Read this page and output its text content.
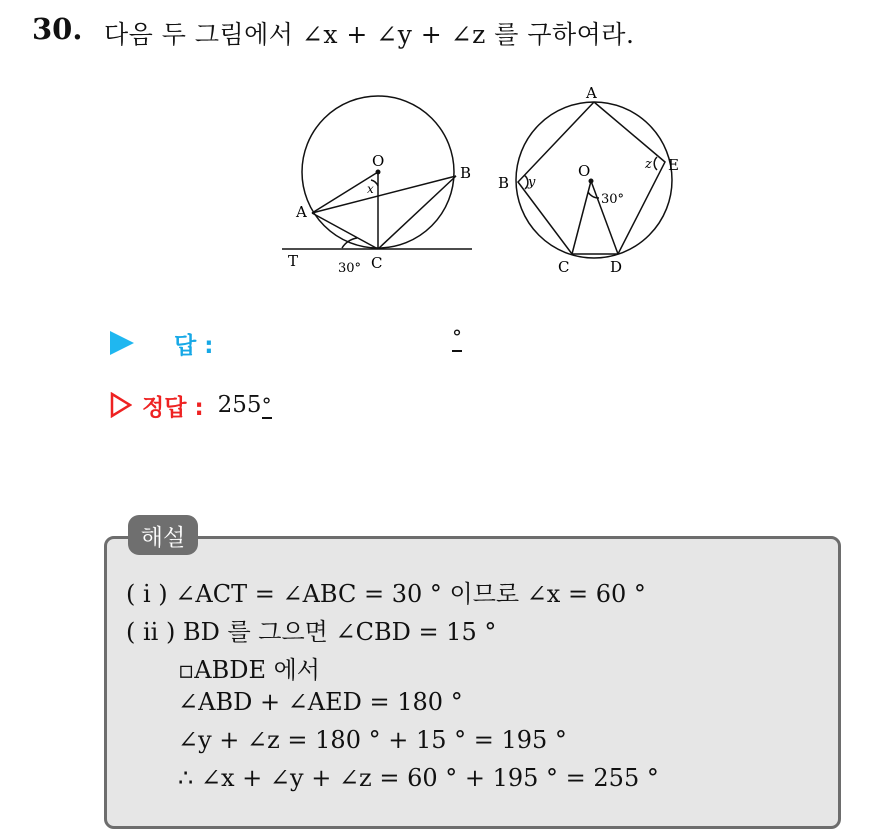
30. 다음 두 그림에서 ∠x + ∠y + ∠z 를 구하여라.
O
A
B
C
T
x
30°
A
O
B y
z E
C	D
30°
답 :	°
정답 : 255°
해설
( i ) ∠ACT = ∠ABC = 30 ° 이므로 ∠x = 60 °
( ii ) BD 를 그으면 ∠CBD = 15 °
▫ABDE 에서
∠ABD + ∠AED = 180 °
∠y + ∠z = 180 ° + 15 ° = 195 °
∴ ∠x + ∠y + ∠z = 60 ° + 195 ° = 255 °
